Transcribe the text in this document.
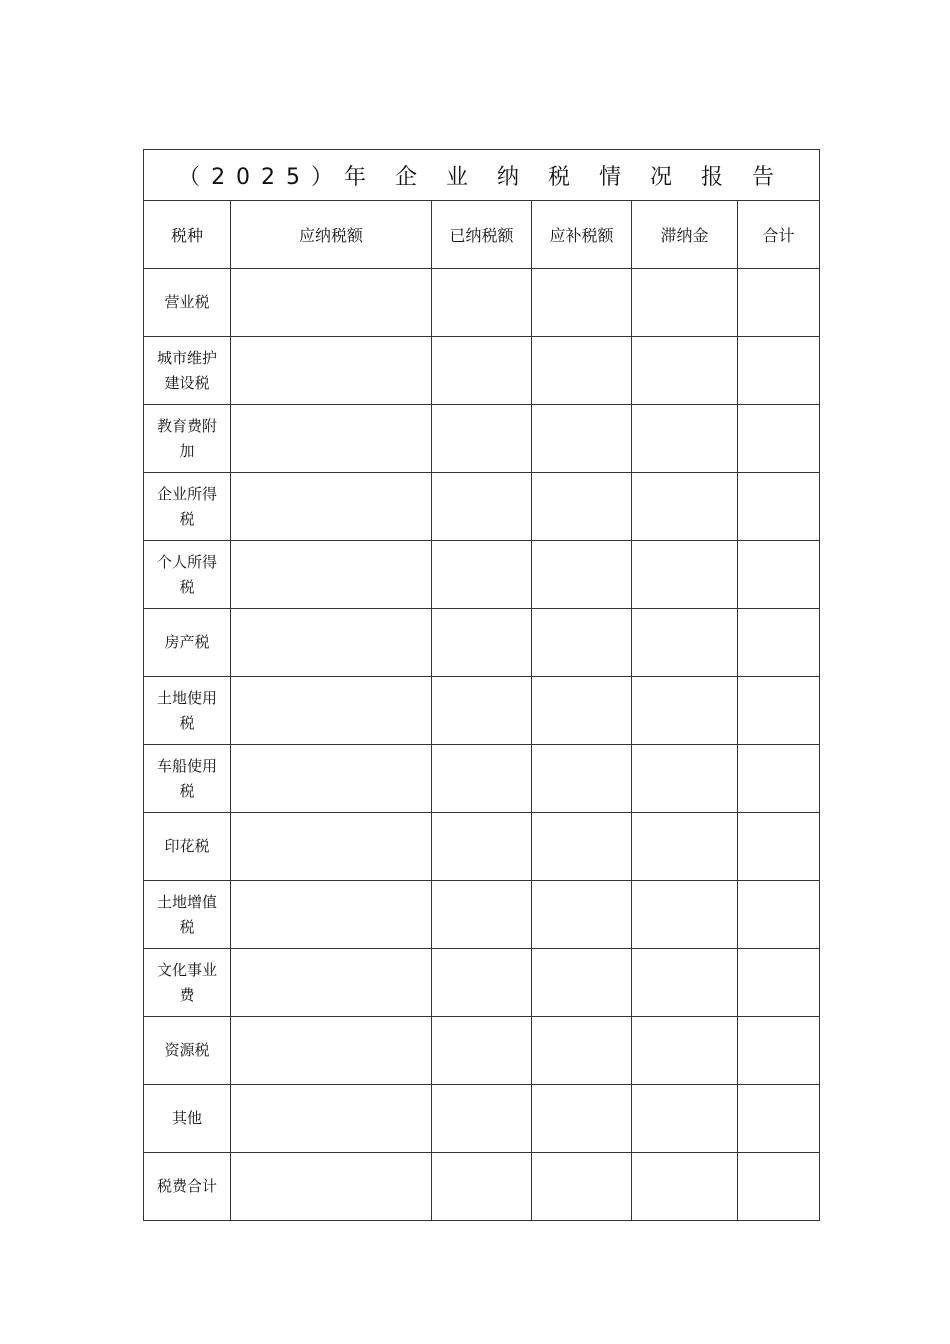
（2025）年 企 业 纳 税 情 况 报 告					
税种	应纳税额	已纳税额	应补税额	滞纳金	合计
营业税					
城市维护建设税					
教育费附加					
企业所得税					
个人所得税					
房产税					
土地使用税					
车船使用税					
印花税					
土地增值税					
文化事业费					
资源税					
其他					
税费合计					
